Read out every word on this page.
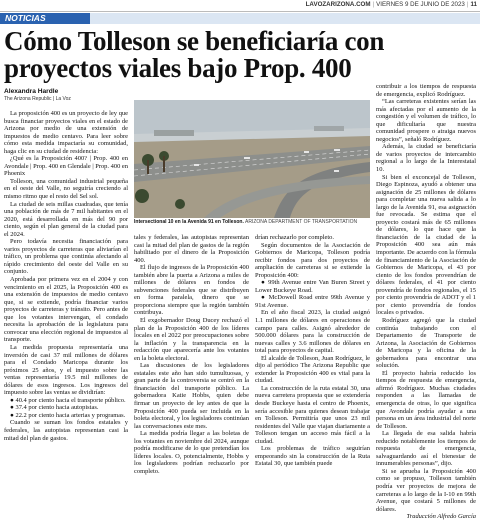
LAVOZARIZONA.COM | VIERNES 9 DE JUNIO DE 2023 | 11
NOTICIAS
Cómo Tolleson se beneficiaría con proyectos viales bajo Prop. 400
Alexandra Hardle
The Arizona Republic | La Voz

La proposición 400 es un proyecto de ley que busca financiar proyectos viales en el estado de Arizona por medio de una extensión de impuestos de medio centavo. Para leer sobre cómo esta medida impactaría su comunidad, haga clic en su ciudad de residencia:

¿Qué es la Proposición 400? | Prop. 400 en Avondale | Prop. 400 en Glendale | Prop. 400 en Phoenix

Tolleson, una comunidad industrial pequeña en el oeste del Valle, no seguiría creciendo al mismo ritmo que el resto del Sel sol.

La ciudad de seis millas cuadradas, que tenía una población de más de 7 mil habitantes en el 2020, está desarrollada en más del 90 por ciento, según el plan general de la ciudad para el 2024.

Pero todavía necesita financiación para varios proyectos de carreteras que aliviarían el tráfico, un problema que continúa afectando al rápido crecimiento del oeste del Valle en su conjunto.

Aprobada por primera vez en el 2004 y con vencimiento en el 2025, la Proposición 400 es una extensión de impuestos de medio centavo que, si se extiende, podría financiar varios proyectos de carreteras y tránsito. Pero antes de que los votantes intervengan, el condado necesita la aprobación de la legislatura para convocar una elección regional de impuestos al transporte.

La medida propuesta representaría una inversión de casi 37 mil millones de dólares para el Condado Maricopa durante los próximos 25 años, y el impuesto sobre las ventas representaría 19.5 mil millones de dólares de esos ingresos. Los ingresos del impuesto sobre las ventas se dividirían:

● 40.4 por ciento hacia el transporte público.

● 37.4 por ciento hacia autopistas.

● 22.2 por ciento hacia arterias y programas.

Cuando se suman los fondos estatales y federales, las autopistas representan casi la mitad del plan de gastos.

Intersectional 10 en la Avenida 91 en Tolleson. ARIZONA DEPARTMENT OF TRANSPORTATION

tales y federales, las autopistas representan casi la mitad del plan de gastos de la región habilitado por el dinero de la Proposición 400.

El flujo de ingresos de la Proposición 400 también abre la puerta a Arizona a miles de millones de dólares en fondos de subvenciones federales que se distribuyen en forma paralela, dinero que se proporciona siempre que la región también contribuya.

El exgobernador Doug Ducey rechazó el plan de la Proposición 400 de los líderes locales en el 2022 por preocupaciones sobre la inflación y la transparencia en la redacción que aparecería ante los votantes en la boleta electoral.

Las discusiones de los legisladores estatales este año han sido tumultuosas, y gran parte de la controversia se centró en la financiación del transporte público. La gobernadora Katie Hobbs, quien debe firmar un proyecto de ley antes de que la Proposición 400 pueda ser incluida en la boleta electoral, y los legisladores continúan las conversaciones este mes.

La medida podría llegar a las boletas de los votantes en noviembre del 2024, aunque podría modificarse de lo que pretendían los líderes locales. O, potencialmente, Hobbs y los legisladores podrían rechazarlo por completo.

drían rechazarlo por completo.

Según documentos de la Asociación de Gobiernos de Maricopa, Tolleson podría recibir fondos para dos proyectos de ampliación de carreteras si se extiende la Proposición 400:

● 99th Avenue entre Van Buren Street y Lower Buckeye Road.

● McDowell Road entre 99th Avenue y 91st Avenue.

En el año fiscal 2023, la ciudad asignó 1.1 millones de dólares en operaciones de campo para calles. Asignó alrededor de 500.000 dólares para la construcción de nuevas calles y 3.6 millones de dólares en total para proyectos de capital.

El alcalde de Tolleson, Juan Rodríguez, le dijo al periódico The Arizona Republic que extender la Proposición 400 es vital para la ciudad.

La construcción de la ruta estatal 30, una nueva carretera propuesta que se extendería desde Buckeye hasta el centro de Phoenix, sería accesible para quienes desean trabajar en Tolleson. Permitiría que unos 23 mil residentes del Valle que viajan diariamente a Tolleson tengan un acceso más fácil a la ciudad.

Los problemas de tráfico seguirían empeorando sin la construcción de la Ruta Estatal 30, que también puede

contribuir a los tiempos de respuesta de emergencia, explicó Rodríguez.

“Las carreteras existentes serían las más afectadas por el aumento de la congestión y el volumen de tráfico, lo que dificultaría que nuestra comunidad prospere o atraiga nuevos negocios”, señaló Rodríguez.

Además, la ciudad se beneficiaría de varios proyectos de intercambio regional a lo largo de la Interestatal 10.

Si bien el exconcejal de Tolleson, Diego Espinoza, ayudó a obtener una asignación de 25 millones de dólares para completar una nueva salida a lo largo de la Avenida 91, esa asignación fue revocada. Se estima que el proyecto costará más de 65 millones de dólares, lo que hace que la financiación de la ciudad de la Proposición 400 sea aún más importante. De acuerdo con la fórmula de financiamiento de la Asociación de Gobiernos de Maricopa, el 43 por ciento de los fondos provendrían de dólares federales, el 41 por ciento provendría de fondos regionales, el 15 por ciento provendría de ADOT y el 1 por ciento provendría de fondos locales o privados.

Rodríguez agregó que la ciudad continúa trabajando con el Departamento de Transporte de Arizona, la Asociación de Gobiernos de Maricopa y la oficina de la gobernadora para encontrar una solución.

El proyecto habría reducido los tiempos de respuesta de emergencia, afirmó Rodríguez. Muchas ciudades responden a las llamadas de emergencia de otras, lo que significa que Avondale podría ayudar a una persona en un área industrial del norte de Tolleson.

La llegada de esa salida habría reducido notablemente los tiempos de respuesta de emergencia, salvaguardando así el bienestar de innumerables personas”, dijo.

Si se aprueba la Proposición 400 como se propuso, Tolleson también podría ver proyectos de mejora de carreteras a lo largo de la I-10 en 99th Avenue, que costará 5 millones de dólares.

Traducción Alfredo García
